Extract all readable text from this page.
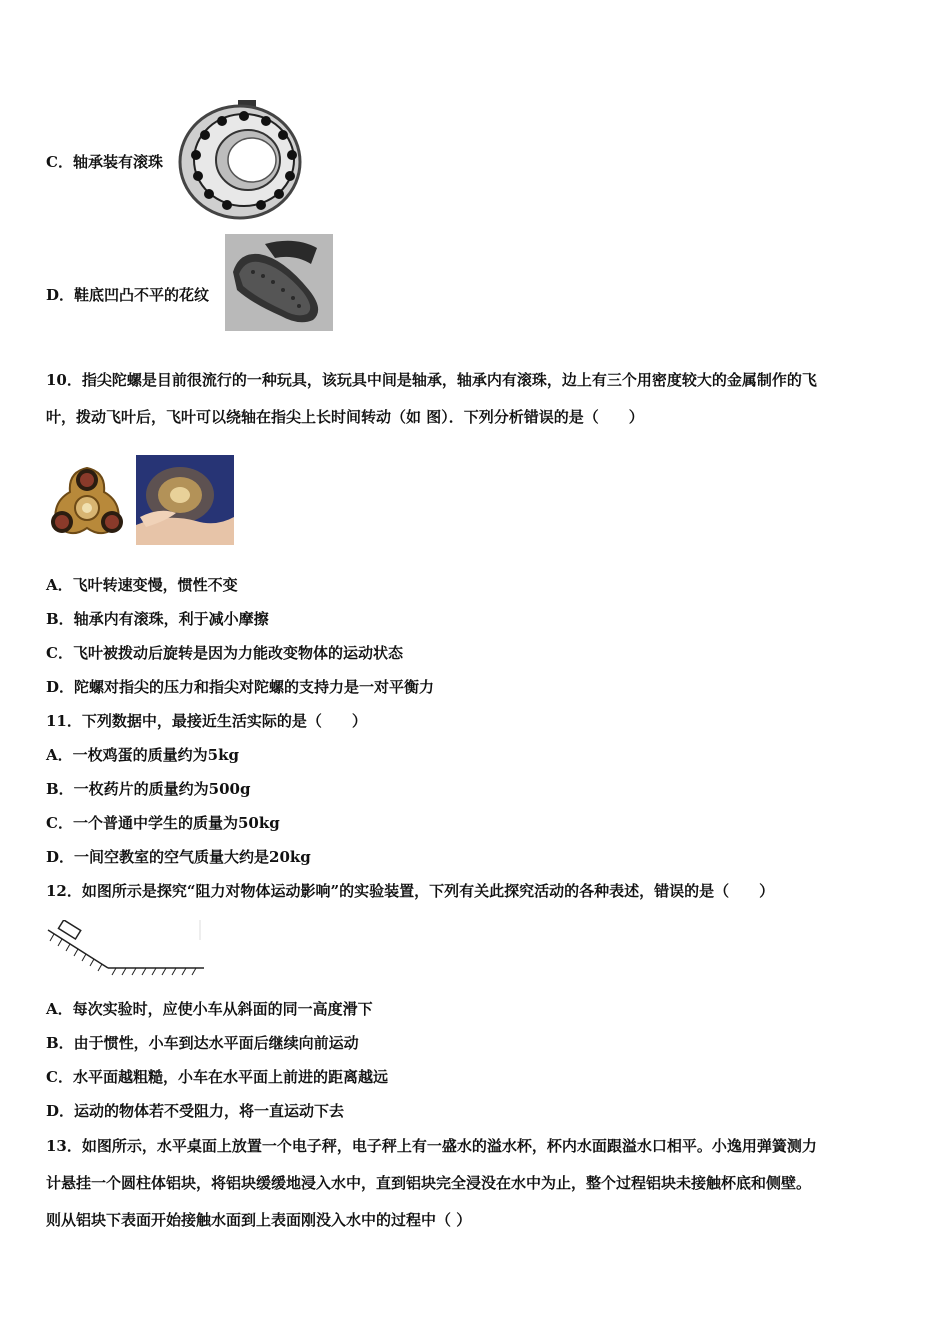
C．轴承装有滚珠
D．鞋底凹凸不平的花纹
10．指尖陀螺是目前很流行的一种玩具，该玩具中间是轴承，轴承内有滚珠，边上有三个用密度较大的金属制作的飞
叶，拨动飞叶后，飞叶可以绕轴在指尖上长时间转动（如 图）．下列分析错误的是（　　）
A．飞叶转速变慢，惯性不变
B．轴承内有滚珠，利于减小摩擦
C．飞叶被拨动后旋转是因为力能改变物体的运动状态
D．陀螺对指尖的压力和指尖对陀螺的支持力是一对平衡力
11．下列数据中，最接近生活实际的是（　　）
A．一枚鸡蛋的质量约为5kg
B．一枚药片的质量约为500g
C．一个普通中学生的质量为50kg
D．一间空教室的空气质量大约是20kg
12．如图所示是探究“阻力对物体运动影响”的实验装置，下列有关此探究活动的各种表述，错误的是（　　）
A．每次实验时，应使小车从斜面的同一高度滑下
B．由于惯性，小车到达水平面后继续向前运动
C．水平面越粗糙，小车在水平面上前进的距离越远
D．运动的物体若不受阻力，将一直运动下去
13．如图所示，水平桌面上放置一个电子秤，电子秤上有一盛水的溢水杯，杯内水面跟溢水口相平。小逸用弹簧测力
计悬挂一个圆柱体铝块，将铝块缓缓地浸入水中，直到铝块完全浸没在水中为止，整个过程铝块未接触杯底和侧壁。
则从铝块下表面开始接触水面到上表面刚没入水中的过程中（ ）
